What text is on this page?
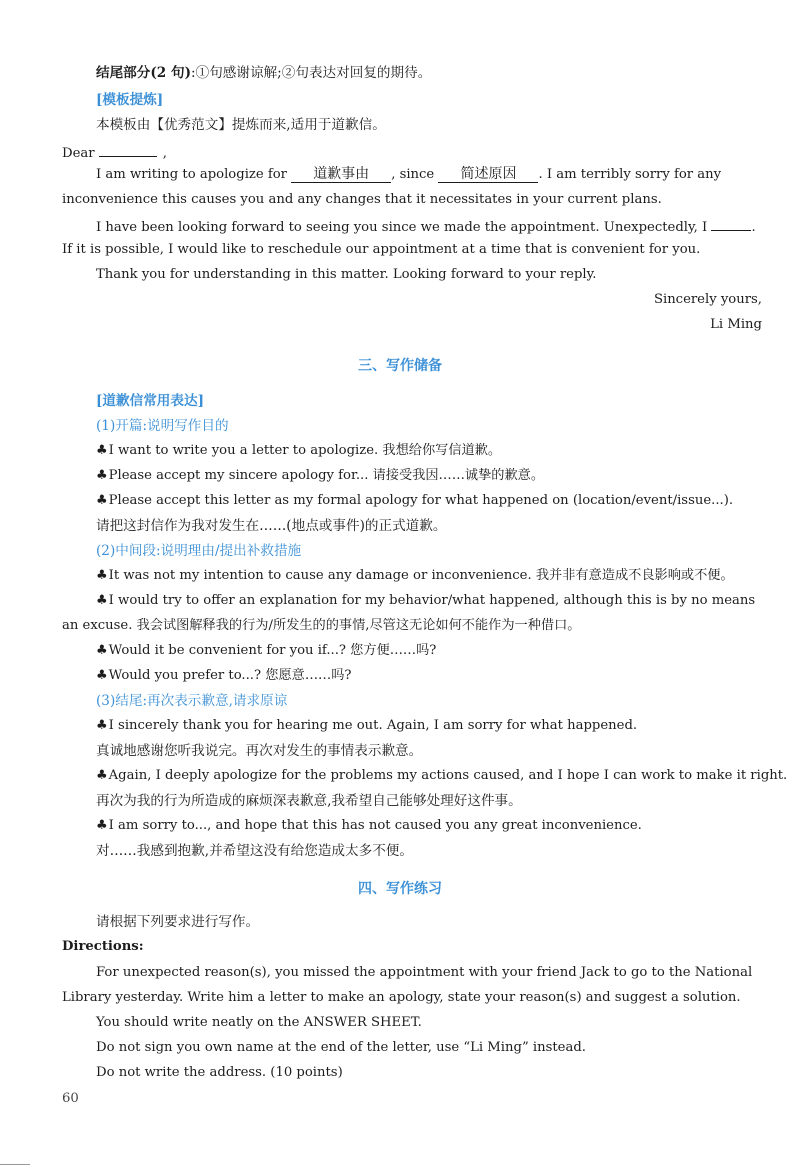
结尾部分(2 句):①句感谢谅解;②句表达对回复的期待。
[模板提炼]
本模板由【优秀范文】提炼而来,适用于道歉信。
Dear	,
I am writing to apologize for 道歉事由 , since 简述原因 . I am terribly sorry for any
inconvenience this causes you and any changes that it necessitates in your current plans.
I have been looking forward to seeing you since we made the appointment. Unexpectedly, I	.
If it is possible, I would like to reschedule our appointment at a time that is convenient for you.
Thank you for understanding in this matter. Looking forward to your reply.
Sincerely yours,
Li Ming
三、写作储备
[道歉信常用表达]
(1)开篇:说明写作目的
♣I want to write you a letter to apologize. 我想给你写信道歉。
♣Please accept my sincere apology for... 请接受我因……诚挚的歉意。
♣Please accept this letter as my formal apology for what happened on (location/event/issue...).
请把这封信作为我对发生在……(地点或事件)的正式道歉。
(2)中间段:说明理由/提出补救措施
♣It was not my intention to cause any damage or inconvenience. 我并非有意造成不良影响或不便。
♣I would try to offer an explanation for my behavior/what happened, although this is by no means
an excuse. 我会试图解释我的行为/所发生的的事情,尽管这无论如何不能作为一种借口。
♣Would it be convenient for you if...? 您方便……吗?
♣Would you prefer to...? 您愿意……吗?
(3)结尾:再次表示歉意,请求原谅
♣I sincerely thank you for hearing me out. Again, I am sorry for what happened.
真诚地感谢您听我说完。再次对发生的事情表示歉意。
♣Again, I deeply apologize for the problems my actions caused, and I hope I can work to make it right.
再次为我的行为所造成的麻烦深表歉意,我希望自己能够处理好这件事。
♣I am sorry to..., and hope that this has not caused you any great inconvenience.
对……我感到抱歉,并希望这没有给您造成太多不便。
四、写作练习
请根据下列要求进行写作。
Directions:
For unexpected reason(s), you missed the appointment with your friend Jack to go to the National
Library yesterday. Write him a letter to make an apology, state your reason(s) and suggest a solution.
You should write neatly on the ANSWER SHEET.
Do not sign you own name at the end of the letter, use “Li Ming” instead.
Do not write the address. (10 points)
60
